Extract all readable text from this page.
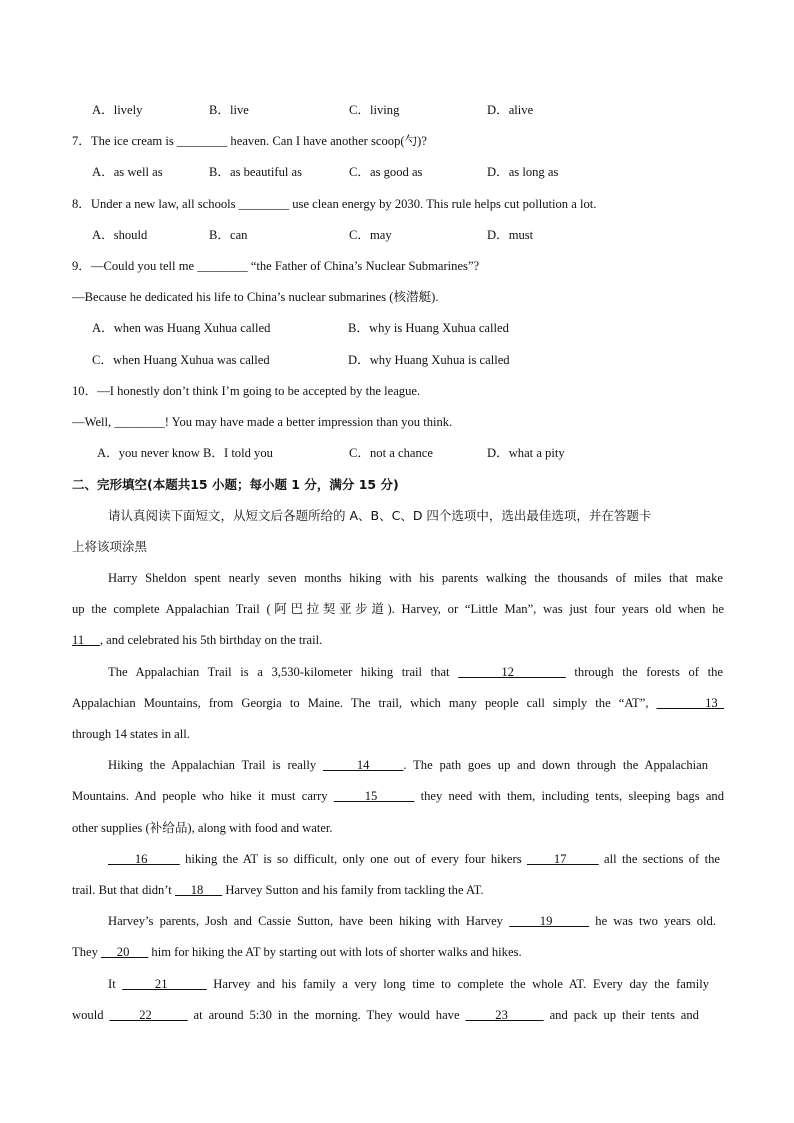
A．lively	B．live	C．living	D．alive
7．The ice cream is ________ heaven. Can I have another scoop(勺)?
A．as well as	B．as beautiful as	C．as good as	D．as long as
8．Under a new law, all schools ________ use clean energy by 2030. This rule helps cut pollution a lot.
A．should	B．can	C．may	D．must
9．—Could you tell me ________ “the Father of China’s Nuclear Submarines”?
—Because he dedicated his life to China’s nuclear submarines (核潜艇).
A．when was Huang Xuhua called	B．why is Huang Xuhua called
C．when Huang Xuhua was called	D．why Huang Xuhua is called
10．—I honestly don’t think I’m going to be accepted by the league.
—Well, ________! You may have made a better impression than you think.
A．you never know B．I told you	C．not a chance	D．what a pity
二、完形填空(本题共15 小题；每小题 1 分，满分 15 分)
请认真阅读下面短文，从短文后各题所给的 A、B、C、D 四个选项中，选出最佳选项，并在答题卡
上将该项涂黑
Harry Sheldon spent nearly seven months hiking with his parents walking the thousands of miles that make
up the complete Appalachian Trail (阿巴拉契亚步道). Harvey, or “Little Man”, was just four years old when he
11     , and celebrated his 5th birthday on the trail.
The Appalachian Trail is a 3,530-kilometer hiking trail that      12       through the forests of the
Appalachian Mountains, from Georgia to Maine. The trail, which many people call simply the “AT”,       13
through 14 states in all.
Hiking the Appalachian Trail is really      14     . The path goes up and down through the Appalachian
Mountains. And people who hike it must carry      15       they need with them, including tents, sleeping bags and
other supplies (补给品), along with food and water.
16       hiking the AT is so difficult, only one out of every four hikers      17       all the sections of the
trail. But that didn’t      18       Harvey Sutton and his family from tackling the AT.
Harvey’s parents, Josh and Cassie Sutton, have been hiking with Harvey      19       he was two years old.
They      20       him for hiking the AT by starting out with lots of shorter walks and hikes.
It      21       Harvey and his family a very long time to complete the whole AT. Every day the family
would      22       at around 5:30 in the morning. They would have      23       and pack up their tents and
